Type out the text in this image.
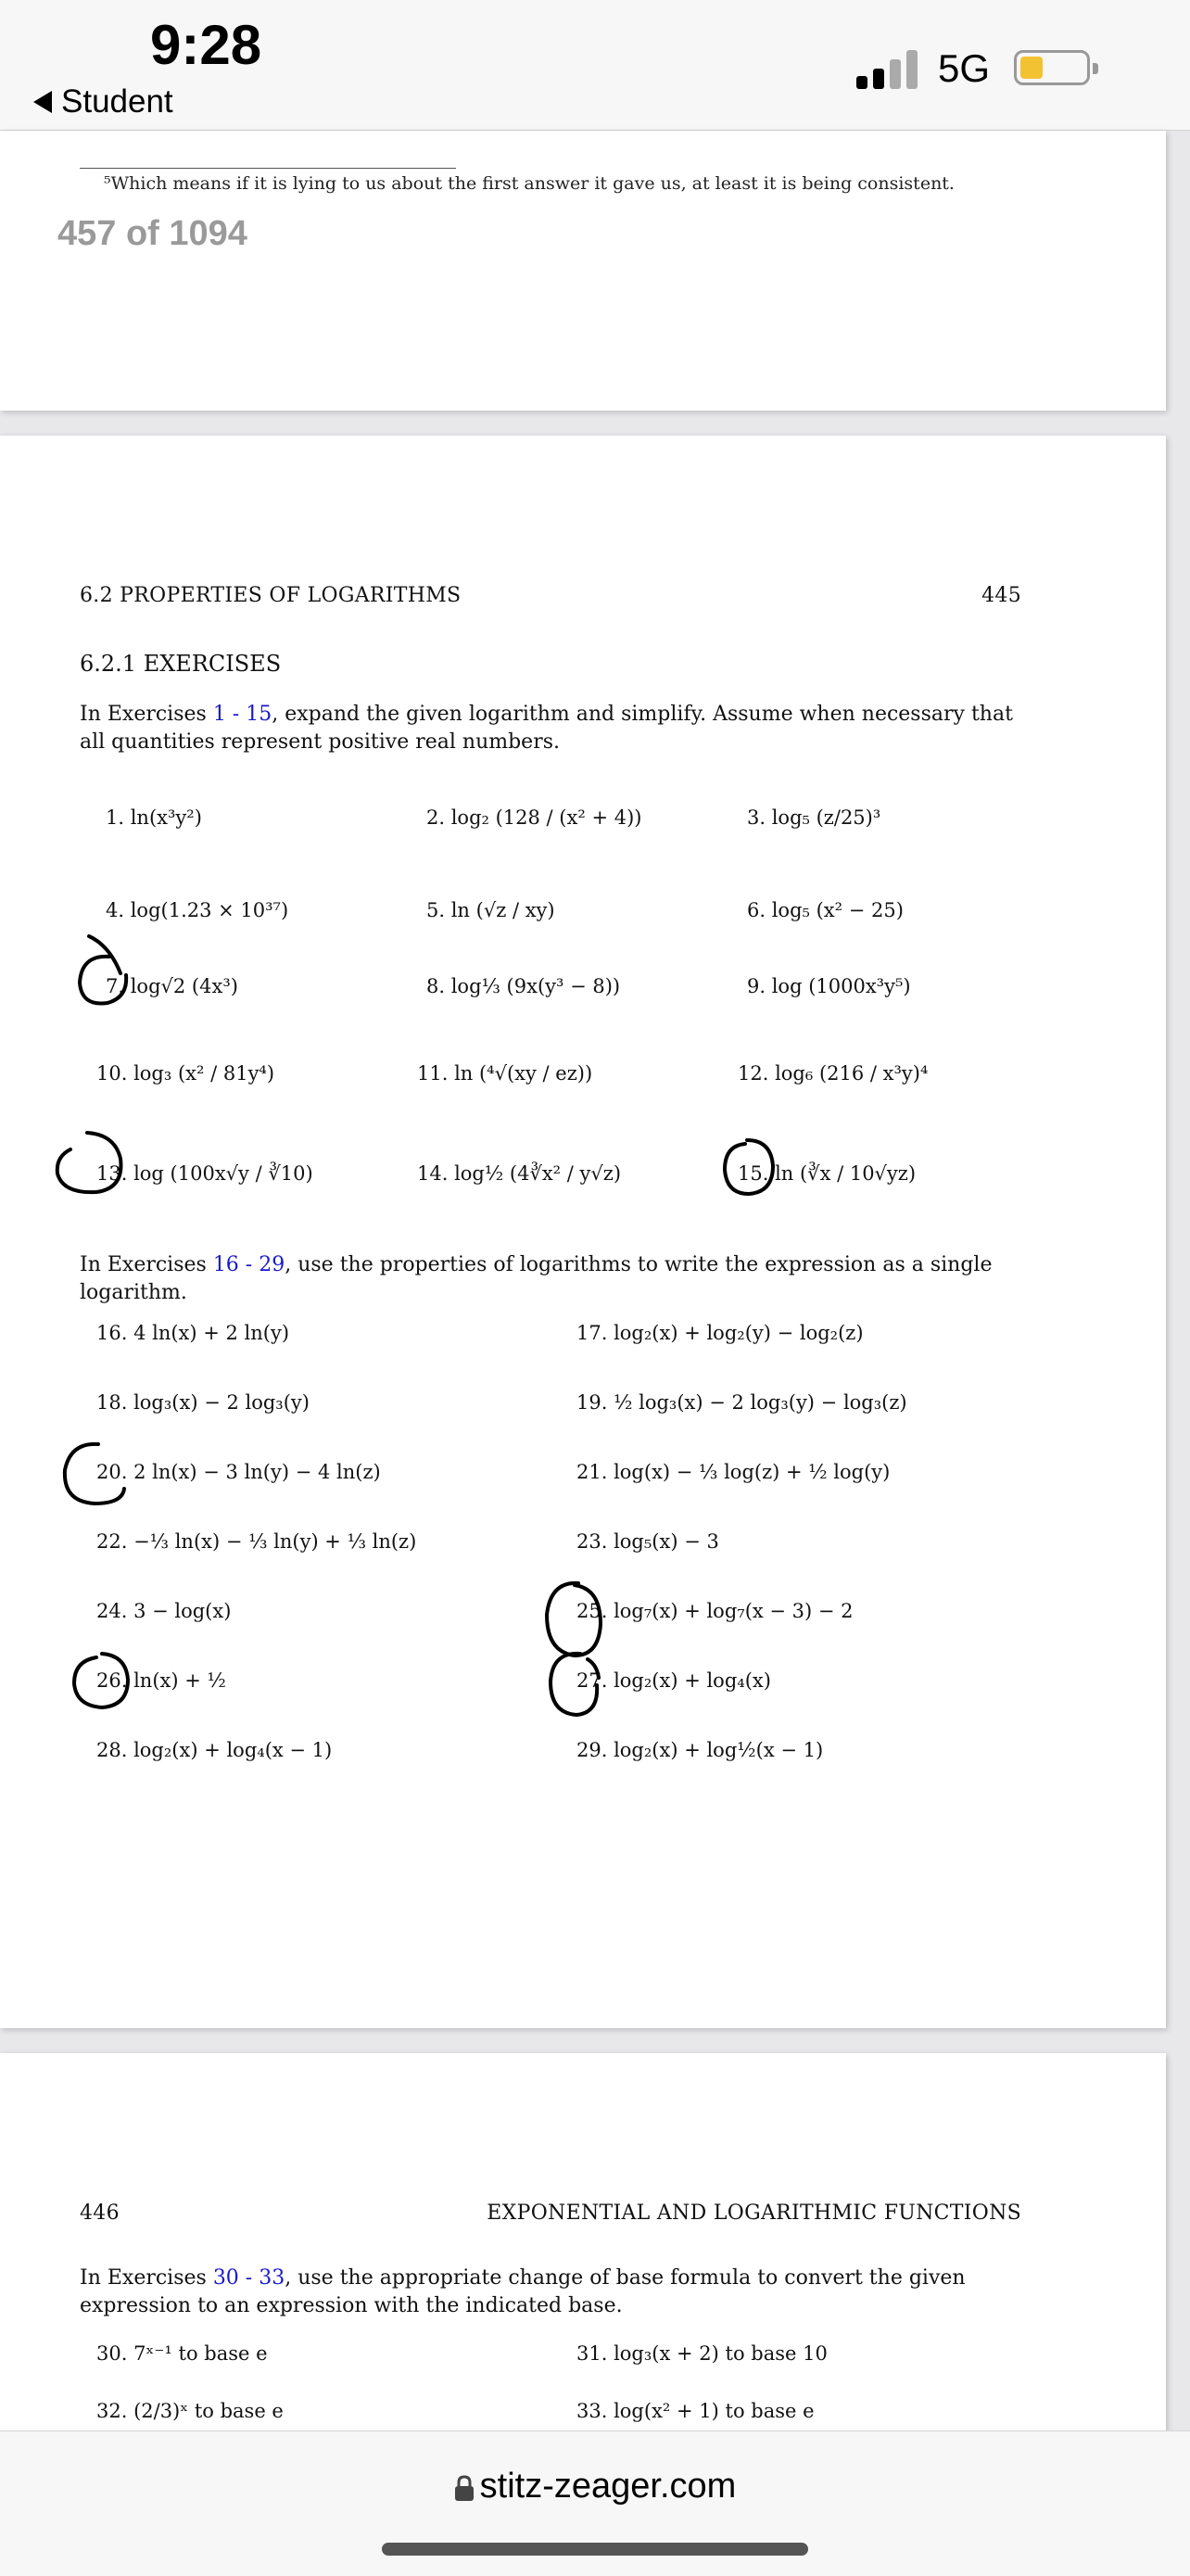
9:28
Student
5G
⁵Which means if it is lying to us about the first answer it gave us, at least it is being consistent.
457 of 1094
6.2 PROPERTIES OF LOGARITHMS	445
6.2.1 EXERCISES
In Exercises 1 - 15, expand the given logarithm and simplify. Assume when necessary that all quantities represent positive real numbers.
1. ln(x³y²)	2. log₂ (128 / (x² + 4))	3. log₅ (z/25)³
4. log(1.23 × 10³⁷)	5. ln (√z / xy)	6. log₅ (x² − 25)
7. log√2 (4x³)	8. log⅓ (9x(y³ − 8))	9. log (1000x³y⁵)
10. log₃ (x² / 81y⁴)	11. ln (⁴√(xy / ez))	12. log₆ (216 / x³y)⁴
13. log (100x√y / ∛10)	14. log½ (4∛x² / y√z)	15. ln (∛x / 10√yz)
In Exercises 16 - 29, use the properties of logarithms to write the expression as a single logarithm.
16. 4 ln(x) + 2 ln(y)	17. log₂(x) + log₂(y) − log₂(z)
18. log₃(x) − 2 log₃(y)	19. ½ log₃(x) − 2 log₃(y) − log₃(z)
20. 2 ln(x) − 3 ln(y) − 4 ln(z)	21. log(x) − ⅓ log(z) + ½ log(y)
22. −⅓ ln(x) − ⅓ ln(y) + ⅓ ln(z)	23. log₅(x) − 3
24. 3 − log(x)	25. log₇(x) + log₇(x − 3) − 2
26. ln(x) + ½	27. log₂(x) + log₄(x)
28. log₂(x) + log₄(x − 1)	29. log₂(x) + log½(x − 1)
446	EXPONENTIAL AND LOGARITHMIC FUNCTIONS
In Exercises 30 - 33, use the appropriate change of base formula to convert the given expression to an expression with the indicated base.
30. 7ˣ⁻¹ to base e	31. log₃(x + 2) to base 10
32. (2/3)ˣ to base e	33. log(x² + 1) to base e
stitz-zeager.com
